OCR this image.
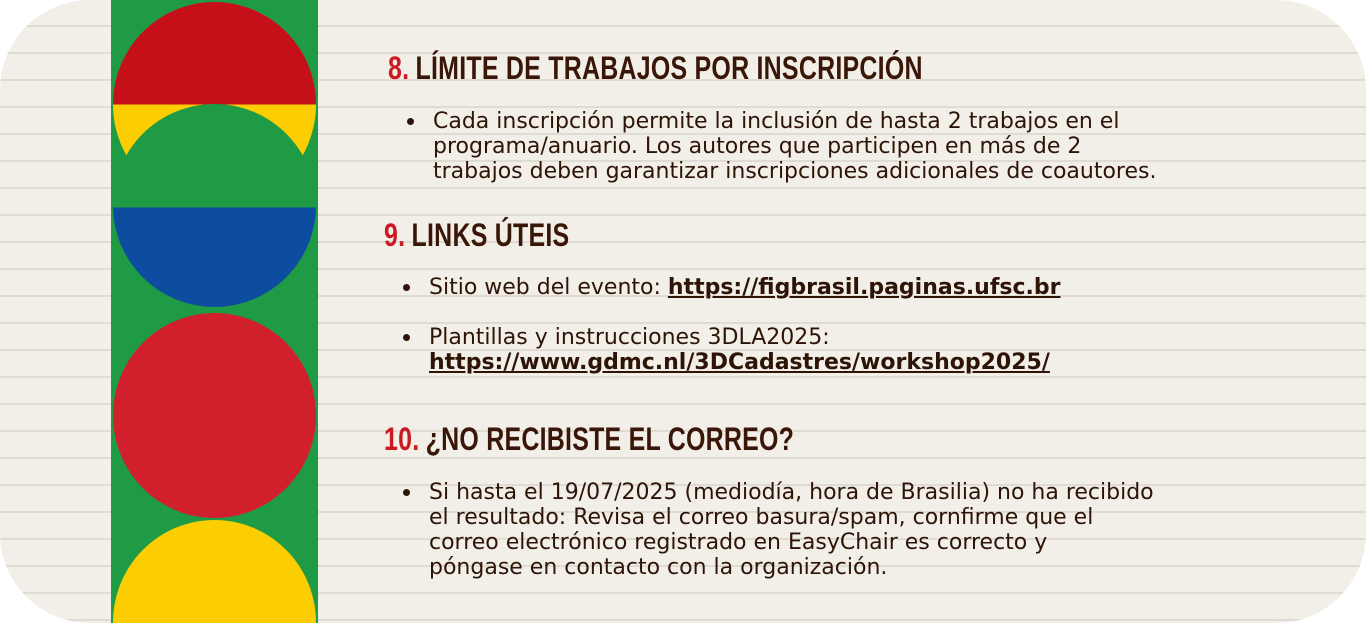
8. LÍMITE DE TRABAJOS POR INSCRIPCIÓN
Cada inscripción permite la inclusión de hasta 2 trabajos en el
programa/anuario. Los autores que participen en más de 2
trabajos deben garantizar inscripciones adicionales de coautores.
9. LINKS ÚTEIS
Sitio web del evento: https://figbrasil.paginas.ufsc.br
Plantillas y instrucciones 3DLA2025:
https://www.gdmc.nl/3DCadastres/workshop2025/
10. ¿NO RECIBISTE EL CORREO?
Si hasta el 19/07/2025 (mediodía, hora de Brasilia) no ha recibido
el resultado: Revisa el correo basura/spam, cornfirme que el
correo electrónico registrado en EasyChair es correcto y
póngase en contacto con la organización.
